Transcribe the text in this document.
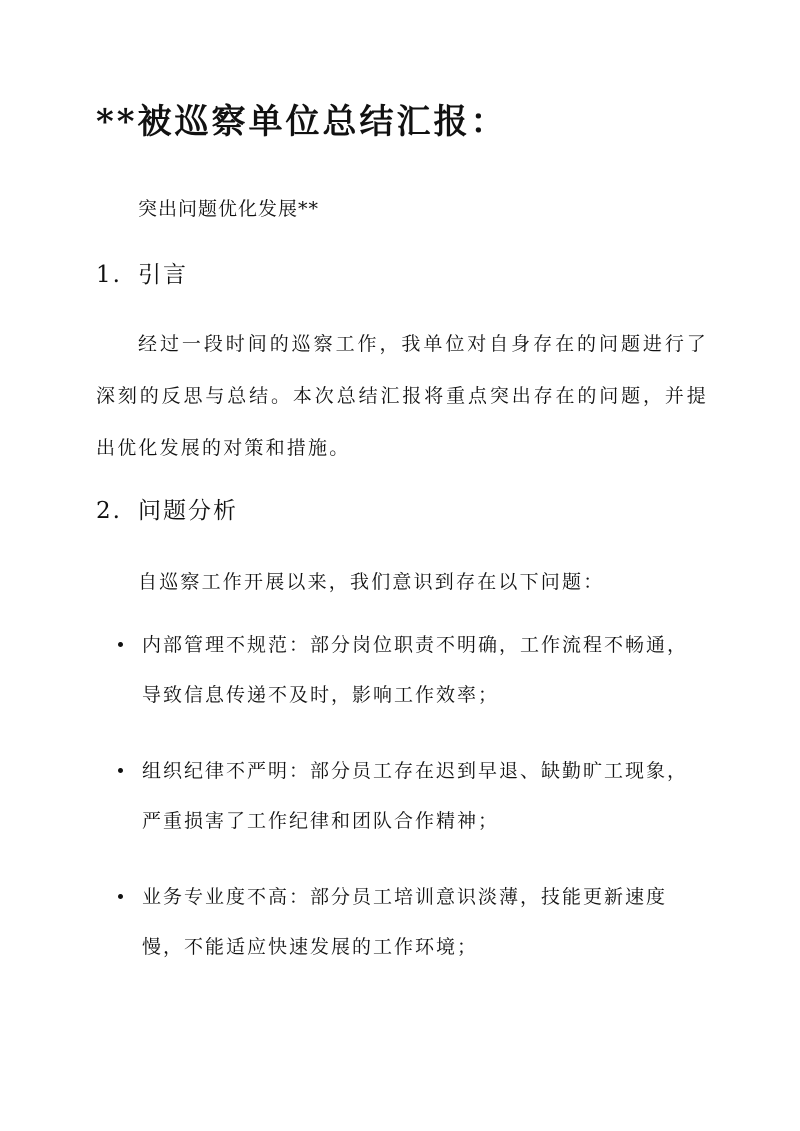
**被巡察单位总结汇报：
突出问题优化发展**
1. 引言
经过一段时间的巡察工作，我单位对自身存在的问题进行了深刻的反思与总结。本次总结汇报将重点突出存在的问题，并提出优化发展的对策和措施。
2. 问题分析
自巡察工作开展以来，我们意识到存在以下问题：
内部管理不规范：部分岗位职责不明确，工作流程不畅通，导致信息传递不及时，影响工作效率；
组织纪律不严明：部分员工存在迟到早退、缺勤旷工现象，严重损害了工作纪律和团队合作精神；
业务专业度不高：部分员工培训意识淡薄，技能更新速度慢，不能适应快速发展的工作环境；
